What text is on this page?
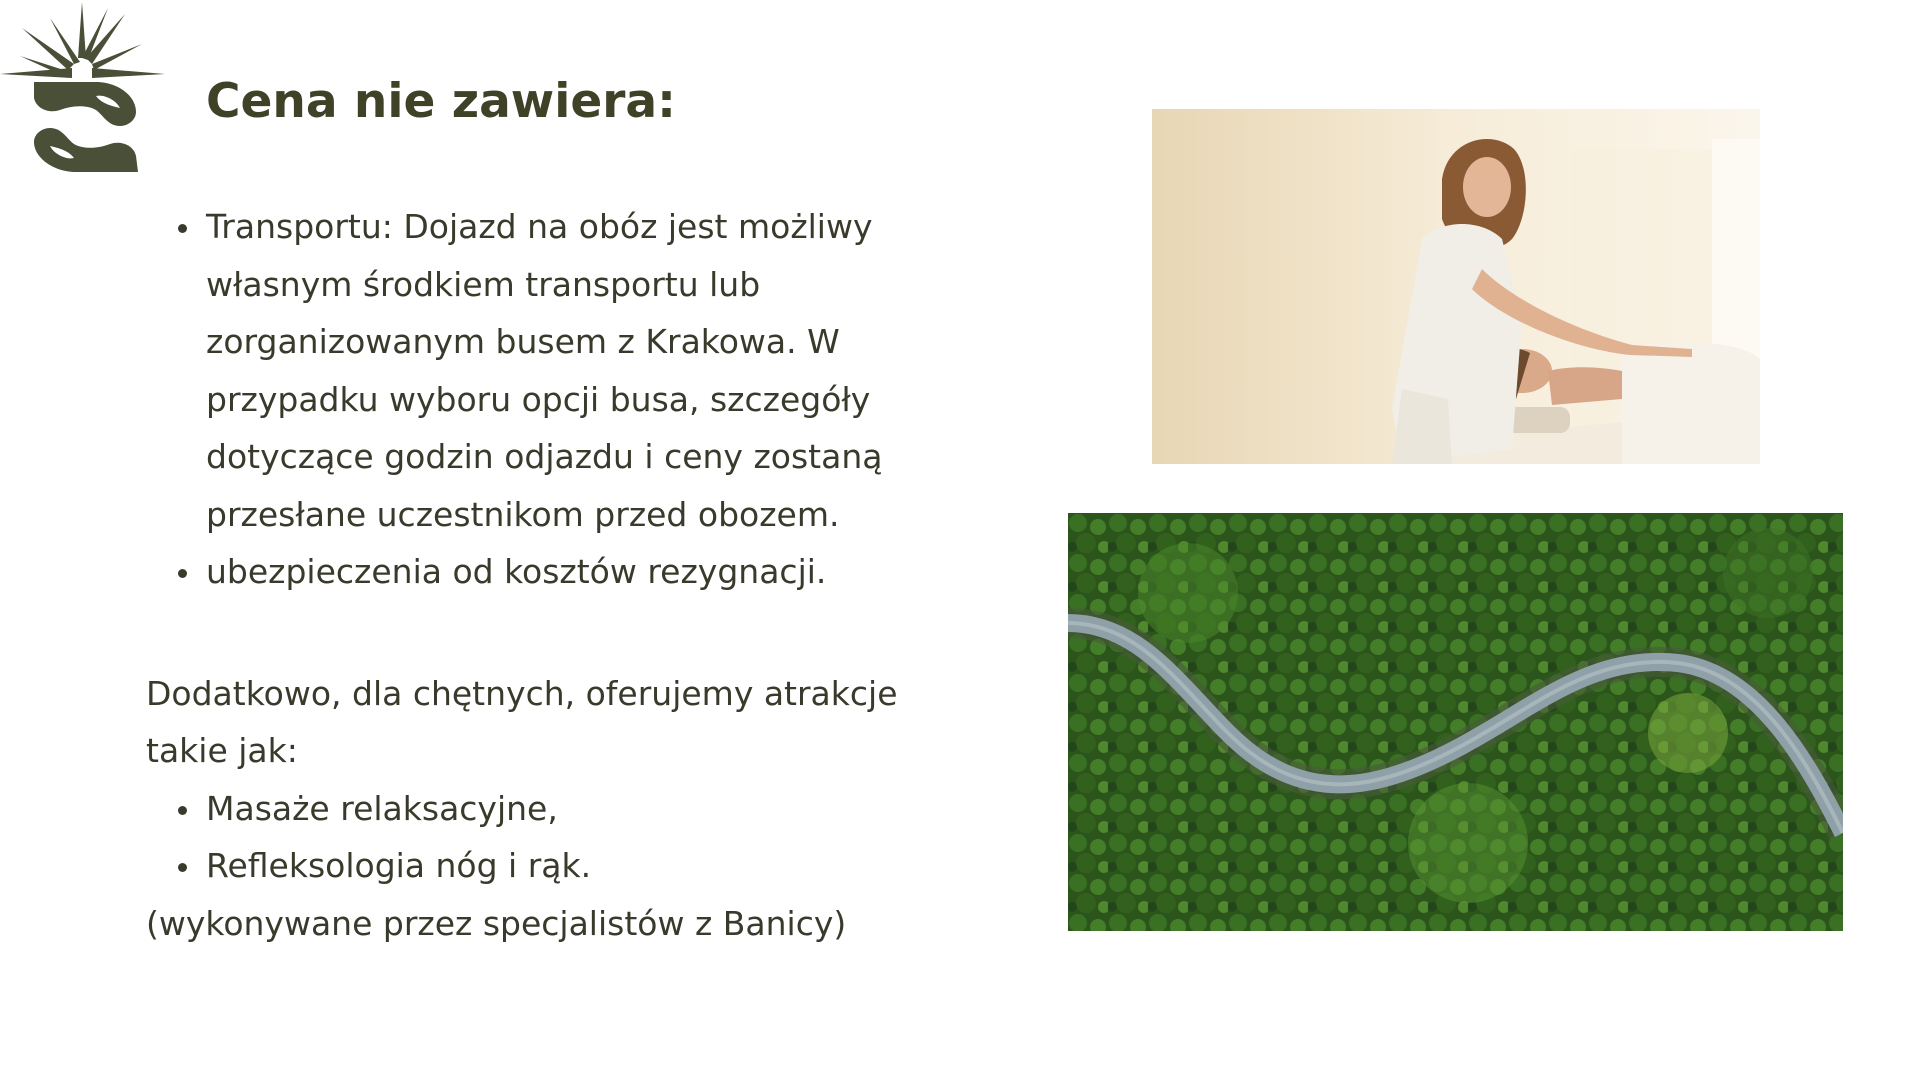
Cena nie zawiera:
Transportu: Dojazd na obóz jest możliwy własnym środkiem transportu lub zorganizowanym busem z Krakowa. W przypadku wyboru opcji busa, szczegóły dotyczące godzin odjazdu i ceny zostaną przesłane uczestnikom przed obozem.
ubezpieczenia od kosztów rezygnacji.

Dodatkowo, dla chętnych, oferujemy atrakcje takie jak:

Masaże relaksacyjne,
Refleksologia nóg i rąk.

(wykonywane przez specjalistów z Banicy)
